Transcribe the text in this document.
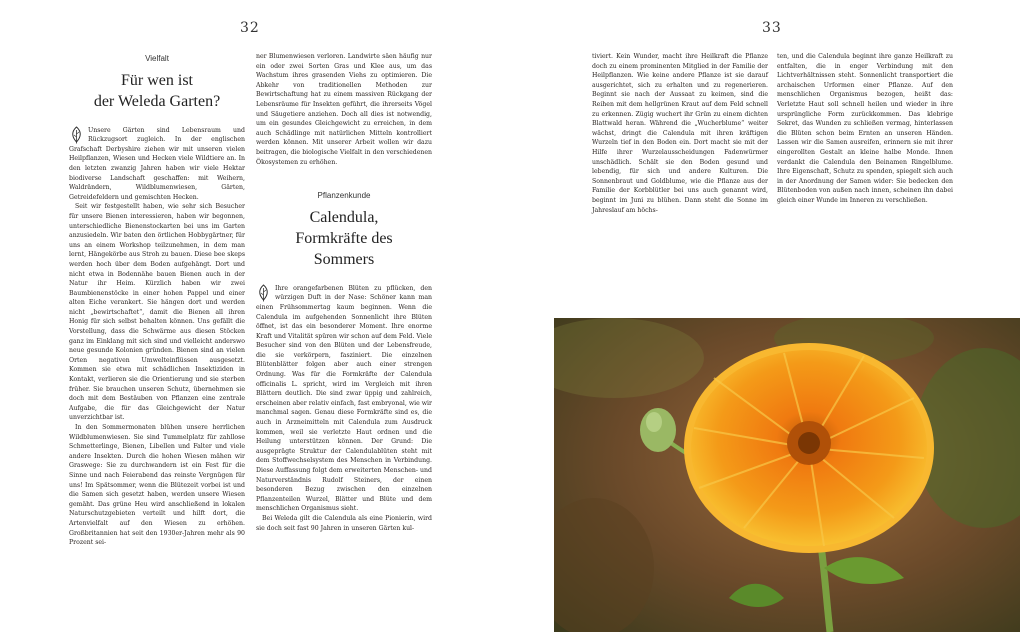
32	33
Vielfalt
Für wen ist
der Weleda Garten?

Unsere Gärten sind Lebensraum und Rückzugsort zugleich. In der englischen Grafschaft Derbyshire ziehen wir mit unseren vielen Heilpflanzen, Wiesen und Hecken viele Wildtiere an. In den letzten zwanzig Jahren haben wir viele Hektar biodiverse Landschaft geschaffen: mit Weihern, Waldrändern, Wildblumenwiesen, Gärten, Getreidefeldern und gemischten Hecken.

Seit wir festgestellt haben, wie sehr sich Besucher für unsere Bienen interessieren, haben wir begonnen, unterschiedliche Bienenstockarten bei uns im Garten anzusiedeln. Wir baten den örtlichen Hobbygärtner, für uns an einem Workshop teilzunehmen, in dem man lernt, Hängekörbe aus Stroh zu bauen. Diese bee skeps werden hoch über dem Boden aufgehängt. Dort und nicht etwa in Bodennähe bauen Bienen auch in der Natur ihr Heim. Kürzlich haben wir zwei Baumbienenstöcke in einer hohen Pappel und einer alten Eiche verankert. Sie hängen dort und werden nicht „bewirtschaftet“, damit die Bienen all ihren Honig für sich selbst behalten können. Uns gefällt die Vorstellung, dass die Schwärme aus diesen Stöcken ganz im Einklang mit sich sind und vielleicht anderswo neue gesunde Kolonien gründen. Bienen sind an vielen Orten negativen Umwelteinflüssen ausgesetzt. Kommen sie etwa mit schädlichen Insektiziden in Kontakt, verlieren sie die Orientierung und sie sterben früher. Sie brauchen unseren Schutz, übernehmen sie doch mit dem Bestäuben von Pflanzen eine zentrale Aufgabe, die für das Gleichgewicht der Natur unverzichtbar ist.

In den Sommermonaten blühen unsere herrlichen Wildblumenwiesen. Sie sind Tummelplatz für zahllose Schmetterlinge, Bienen, Libellen und Falter und viele andere Insekten. Durch die hohen Wiesen mähen wir Graswege: Sie zu durchwandern ist ein Fest für die Sinne und nach Feierabend das reinste Vergnügen für uns! Im Spätsommer, wenn die Blütezeit vorbei ist und die Samen sich gesetzt haben, werden unsere Wiesen gemäht. Das grüne Heu wird anschließend in lokalen Naturschutzgebieten verteilt und hilft dort, die Artenvielfalt auf den Wiesen zu erhöhen. Großbritannien hat seit den 1930er-Jahren mehr als 90 Prozent sei-

ner Blumenwiesen verloren. Landwirte säen häufig nur ein oder zwei Sorten Gras und Klee aus, um das Wachstum ihres grasenden Viehs zu optimieren. Die Abkehr von traditionellen Methoden zur Bewirtschaftung hat zu einem massiven Rückgang der Lebensräume für Insekten geführt, die ihrerseits Vögel und Säugetiere anziehen. Doch all dies ist notwendig, um ein gesundes Gleichgewicht zu erreichen, in dem auch Schädlinge mit natürlichen Mitteln kontrolliert werden können. Mit unserer Arbeit wollen wir dazu beitragen, die biologische Vielfalt in den verschiedenen Ökosystemen zu erhöhen.

Pflanzenkunde
Calendula,
Formkräfte des
Sommers

Ihre orangefarbenen Blüten zu pflücken, den würzigen Duft in der Nase: Schöner kann man einen Frühsommertag kaum beginnen. Wenn die Calendula im aufgehenden Sonnenlicht ihre Blüten öffnet, ist das ein besonderer Moment. Ihre enorme Kraft und Vitalität spüren wir schon auf dem Feld. Viele Besucher sind von den Blüten und der Lebensfreude, die sie verkörpern, fasziniert. Die einzelnen Blütenblätter folgen aber auch einer strengen Ordnung. Was für die Formkräfte der Calendula officinalis L. spricht, wird im Vergleich mit ihren Blättern deutlich. Die sind zwar üppig und zahlreich, erscheinen aber relativ einfach, fast embryonal, wie wir manchmal sagen. Genau diese Formkräfte sind es, die auch in Arzneimitteln mit Calendula zum Ausdruck kommen, weil sie verletzte Haut ordnen und die Heilung unterstützen können. Der Grund: Die ausgeprägte Struktur der Calendulablüten steht mit dem Stoffwechselsystem des Menschen in Verbindung. Diese Auffassung folgt dem erweiterten Menschen- und Naturverständnis Rudolf Steiners, der einen besonderen Bezug zwischen den einzelnen Pflanzenteilen Wurzel, Blätter und Blüte und dem menschlichen Organismus sieht.

Bei Weleda gilt die Calendula als eine Pionierin, wird sie doch seit fast 90 Jahren in unseren Gärten kul-

tiviert. Kein Wunder, macht ihre Heilkraft die Pflanze doch zu einem prominenten Mitglied in der Familie der Heilpflanzen. Wie keine andere Pflanze ist sie darauf ausgerichtet, sich zu erhalten und zu regenerieren. Beginnt sie nach der Aussaat zu keimen, sind die Reihen mit dem hellgrünen Kraut auf dem Feld schnell zu erkennen. Zügig wuchert ihr Grün zu einem dichten Blattwald heran. Während die „Wucherblume“ weiter wächst, dringt die Calendula mit ihren kräftigen Wurzeln tief in den Boden ein. Dort macht sie mit der Hilfe ihrer Wurzelausscheidungen Fadenwürmer unschädlich. Schält sie den Boden gesund und lebendig, für sich und andere Kulturen. Die Sonnenbraut und Goldblume, wie die Pflanze aus der Familie der Korbblütler bei uns auch genannt wird, beginnt im Juni zu blühen. Dann steht die Sonne im Jahreslauf am höchs-

ten, und die Calendula beginnt ihre ganze Heilkraft zu entfalten, die in enger Verbindung mit den Lichtverhältnissen steht. Sonnenlicht transportiert die archaischen Urformen einer Pflanze. Auf den menschlichen Organismus bezogen, heißt das: Verletzte Haut soll schnell heilen und wieder in ihre ursprüngliche Form zurückkommen. Das klebrige Sekret, das Wunden zu schließen vermag, hinterlassen die Blüten schon beim Ernten an unseren Händen. Lassen wir die Samen ausreifen, erinnern sie mit ihrer eingerollten Gestalt an kleine halbe Monde. Ihnen verdankt die Calendula den Beinamen Ringelblume. Ihre Eigenschaft, Schutz zu spenden, spiegelt sich auch in der Anordnung der Samen wider: Sie bedecken den Blütenboden von außen nach innen, scheinen ihn dabei gleich einer Wunde im Inneren zu verschließen.
